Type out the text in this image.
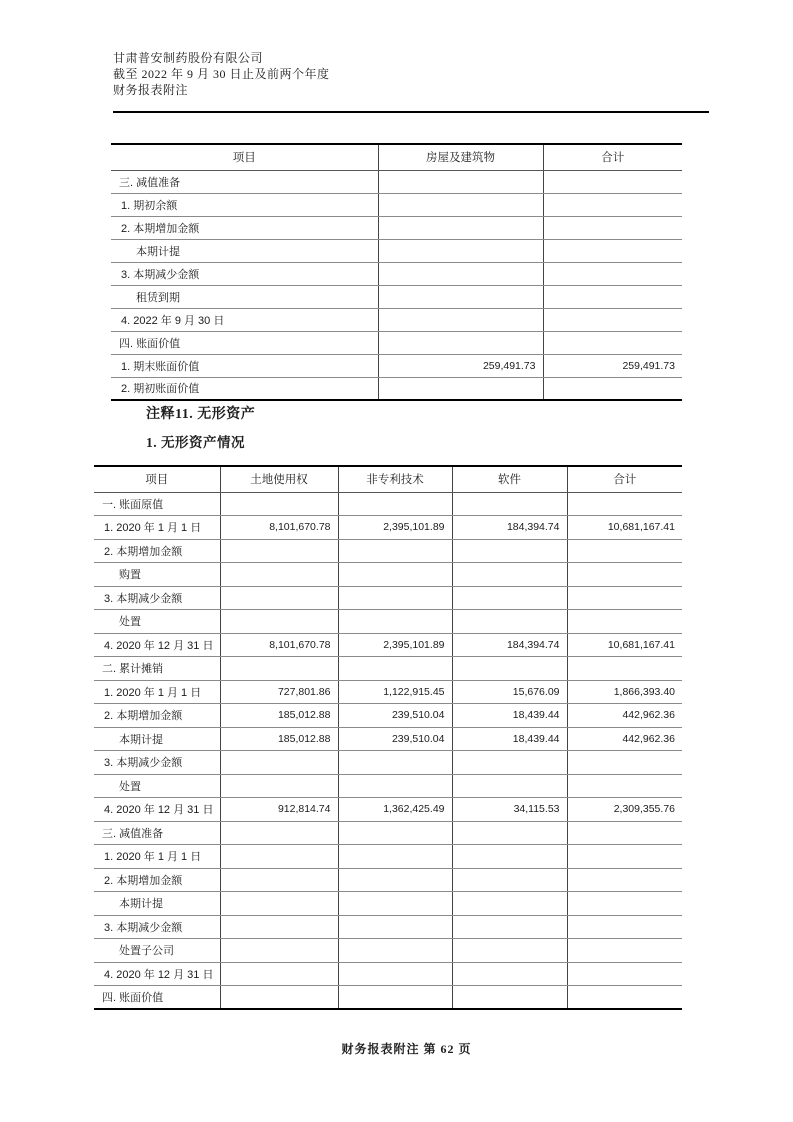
甘肃普安制药股份有限公司
截至 2022 年 9 月 30 日止及前两个年度
财务报表附注
项目	房屋及建筑物	合计
三. 减值准备		
1. 期初余额		
2. 本期增加金额		
本期计提		
3. 本期减少金额		
租赁到期		
4. 2022 年 9 月 30 日		
四. 账面价值		
1. 期末账面价值	259,491.73	259,491.73
2. 期初账面价值		
注释11. 无形资产
1. 无形资产情况
项目	土地使用权	非专利技术	软件	合计
一. 账面原值				
1. 2020 年 1 月 1 日	8,101,670.78	2,395,101.89	184,394.74	10,681,167.41
2. 本期增加金额				
购置				
3. 本期减少金额				
处置				
4. 2020 年 12 月 31 日	8,101,670.78	2,395,101.89	184,394.74	10,681,167.41
二. 累计摊销				
1. 2020 年 1 月 1 日	727,801.86	1,122,915.45	15,676.09	1,866,393.40
2. 本期增加金额	185,012.88	239,510.04	18,439.44	442,962.36
本期计提	185,012.88	239,510.04	18,439.44	442,962.36
3. 本期减少金额				
处置				
4. 2020 年 12 月 31 日	912,814.74	1,362,425.49	34,115.53	2,309,355.76
三. 减值准备				
1. 2020 年 1 月 1 日				
2. 本期增加金额				
本期计提				
3. 本期减少金额				
处置子公司				
4. 2020 年 12 月 31 日				
四. 账面价值				
财务报表附注 第 62 页
